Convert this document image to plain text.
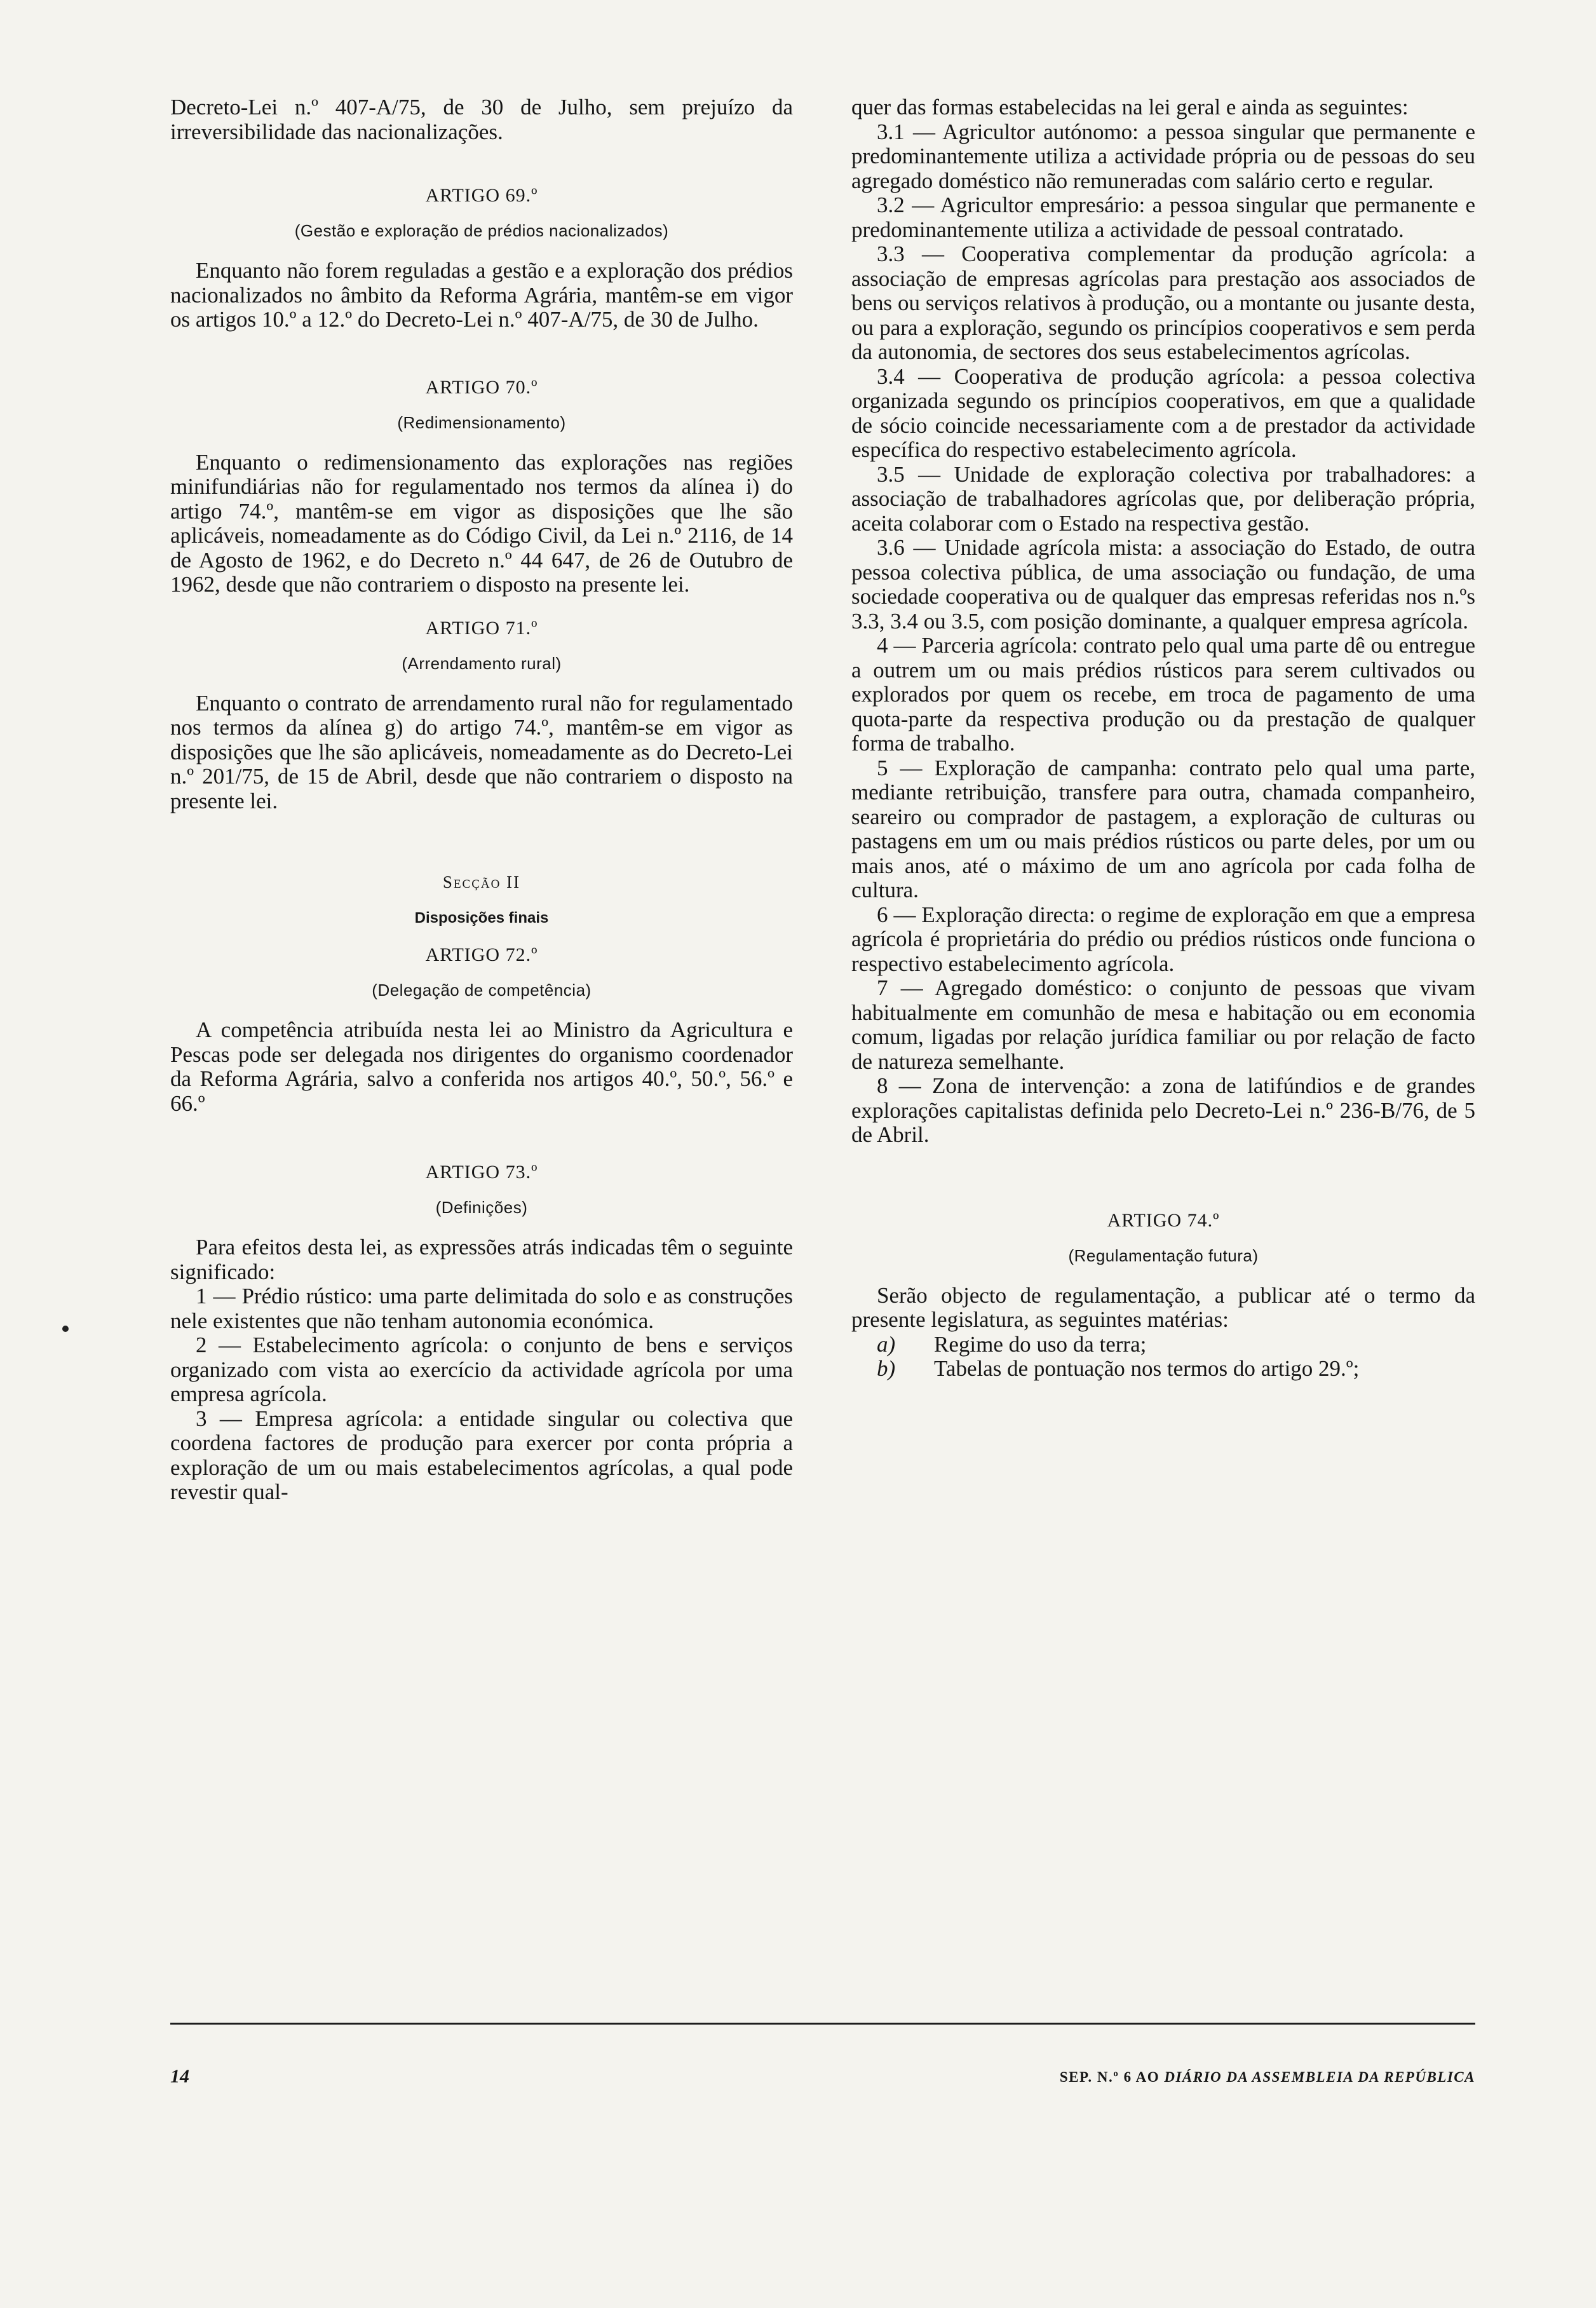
Decreto-Lei n.º 407-A/75, de 30 de Julho, sem prejuízo da irreversibilidade das nacionalizações.

ARTIGO 69.º

(Gestão e exploração de prédios nacionalizados)

Enquanto não forem reguladas a gestão e a exploração dos prédios nacionalizados no âmbito da Reforma Agrária, mantêm-se em vigor os artigos 10.º a 12.º do Decreto-Lei n.º 407-A/75, de 30 de Julho.

ARTIGO 70.º

(Redimensionamento)

Enquanto o redimensionamento das explorações nas regiões minifundiárias não for regulamentado nos termos da alínea i) do artigo 74.º, mantêm-se em vigor as disposições que lhe são aplicáveis, nomeadamente as do Código Civil, da Lei n.º 2116, de 14 de Agosto de 1962, e do Decreto n.º 44 647, de 26 de Outubro de 1962, desde que não contrariem o disposto na presente lei.

ARTIGO 71.º

(Arrendamento rural)

Enquanto o contrato de arrendamento rural não for regulamentado nos termos da alínea g) do artigo 74.º, mantêm-se em vigor as disposições que lhe são aplicáveis, nomeadamente as do Decreto-Lei n.º 201/75, de 15 de Abril, desde que não contrariem o disposto na presente lei.

Secção II

Disposições finais

ARTIGO 72.º

(Delegação de competência)

A competência atribuída nesta lei ao Ministro da Agricultura e Pescas pode ser delegada nos dirigentes do organismo coordenador da Reforma Agrária, salvo a conferida nos artigos 40.º, 50.º, 56.º e 66.º

ARTIGO 73.º

(Definições)

Para efeitos desta lei, as expressões atrás indicadas têm o seguinte significado:

1 — Prédio rústico: uma parte delimitada do solo e as construções nele existentes que não tenham autonomia económica.

2 — Estabelecimento agrícola: o conjunto de bens e serviços organizado com vista ao exercício da actividade agrícola por uma empresa agrícola.

3 — Empresa agrícola: a entidade singular ou colectiva que coordena factores de produção para exercer por conta própria a exploração de um ou mais estabelecimentos agrícolas, a qual pode revestir qual-

quer das formas estabelecidas na lei geral e ainda as seguintes:

3.1 — Agricultor autónomo: a pessoa singular que permanente e predominantemente utiliza a actividade própria ou de pessoas do seu agregado doméstico não remuneradas com salário certo e regular.

3.2 — Agricultor empresário: a pessoa singular que permanente e predominantemente utiliza a actividade de pessoal contratado.

3.3 — Cooperativa complementar da produção agrícola: a associação de empresas agrícolas para prestação aos associados de bens ou serviços relativos à produção, ou a montante ou jusante desta, ou para a exploração, segundo os princípios cooperativos e sem perda da autonomia, de sectores dos seus estabelecimentos agrícolas.

3.4 — Cooperativa de produção agrícola: a pessoa colectiva organizada segundo os princípios cooperativos, em que a qualidade de sócio coincide necessariamente com a de prestador da actividade específica do respectivo estabelecimento agrícola.

3.5 — Unidade de exploração colectiva por trabalhadores: a associação de trabalhadores agrícolas que, por deliberação própria, aceita colaborar com o Estado na respectiva gestão.

3.6 — Unidade agrícola mista: a associação do Estado, de outra pessoa colectiva pública, de uma associação ou fundação, de uma sociedade cooperativa ou de qualquer das empresas referidas nos n.ºs 3.3, 3.4 ou 3.5, com posição dominante, a qualquer empresa agrícola.

4 — Parceria agrícola: contrato pelo qual uma parte dê ou entregue a outrem um ou mais prédios rústicos para serem cultivados ou explorados por quem os recebe, em troca de pagamento de uma quota-parte da respectiva produção ou da prestação de qualquer forma de trabalho.

5 — Exploração de campanha: contrato pelo qual uma parte, mediante retribuição, transfere para outra, chamada companheiro, seareiro ou comprador de pastagem, a exploração de culturas ou pastagens em um ou mais prédios rústicos ou parte deles, por um ou mais anos, até o máximo de um ano agrícola por cada folha de cultura.

6 — Exploração directa: o regime de exploração em que a empresa agrícola é proprietária do prédio ou prédios rústicos onde funciona o respectivo estabelecimento agrícola.

7 — Agregado doméstico: o conjunto de pessoas que vivam habitualmente em comunhão de mesa e habitação ou em economia comum, ligadas por relação jurídica familiar ou por relação de facto de natureza semelhante.

8 — Zona de intervenção: a zona de latifúndios e de grandes explorações capitalistas definida pelo Decreto-Lei n.º 236-B/76, de 5 de Abril.

ARTIGO 74.º

(Regulamentação futura)

Serão objecto de regulamentação, a publicar até o termo da presente legislatura, as seguintes matérias:

a) Regime do uso da terra;

b) Tabelas de pontuação nos termos do artigo 29.º;

14	SEP. N.º 6 AO DIÁRIO DA ASSEMBLEIA DA REPÚBLICA
